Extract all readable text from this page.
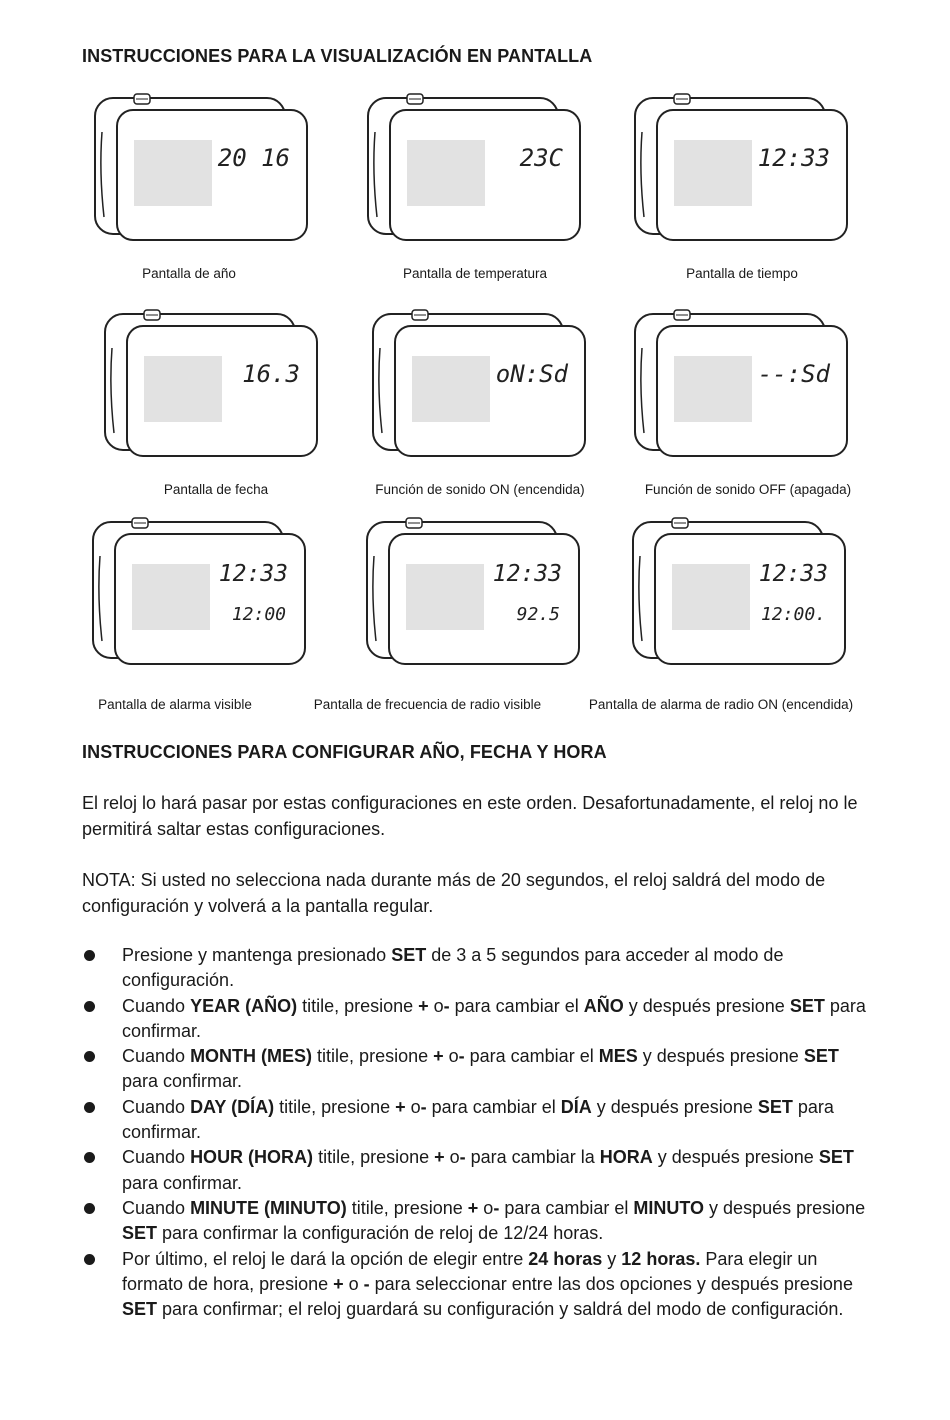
INSTRUCCIONES PARA LA VISUALIZACIÓN EN PANTALLA
20 16	23C	12:33
16.3	oN:Sd	--:Sd
12:33
12:00
12:33
92.5
12:33
12:00.
Pantalla de año	Pantalla de temperatura	Pantalla de tiempo
Pantalla de fecha	Función de sonido ON (encendida)	Función de sonido OFF (apagada)
Pantalla de alarma visible	Pantalla de frecuencia de radio visible	Pantalla de alarma de radio ON (encendida)
INSTRUCCIONES PARA CONFIGURAR AÑO, FECHA Y HORA
El reloj lo hará pasar por estas configuraciones en este orden. Desafortunadamente, el reloj no le permitirá saltar estas configuraciones.
NOTA: Si usted no selecciona nada durante más de 20 segundos, el reloj saldrá del modo de configuración y volverá a la pantalla regular.
Presione y mantenga presionado SET de 3 a 5 segundos para acceder al modo de configuración.
Cuando YEAR (AÑO) titile, presione + o- para cambiar el AÑO y después presione SET para confirmar.
Cuando MONTH (MES) titile, presione + o- para cambiar el MES y después presione SET para confirmar.
Cuando DAY (DÍA) titile, presione + o- para cambiar el DÍA y después presione SET para confirmar.
Cuando HOUR (HORA) titile, presione + o- para cambiar la HORA y después presione SET para confirmar.
Cuando MINUTE (MINUTO) titile, presione + o- para cambiar el MINUTO y después presione SET para confirmar la configuración de reloj de 12/24 horas.
Por último, el reloj le dará la opción de elegir entre 24 horas y 12 horas. Para elegir un formato de hora, presione + o - para seleccionar entre las dos opciones y después presione SET para confirmar; el reloj guardará su configuración y saldrá del modo de configuración.
